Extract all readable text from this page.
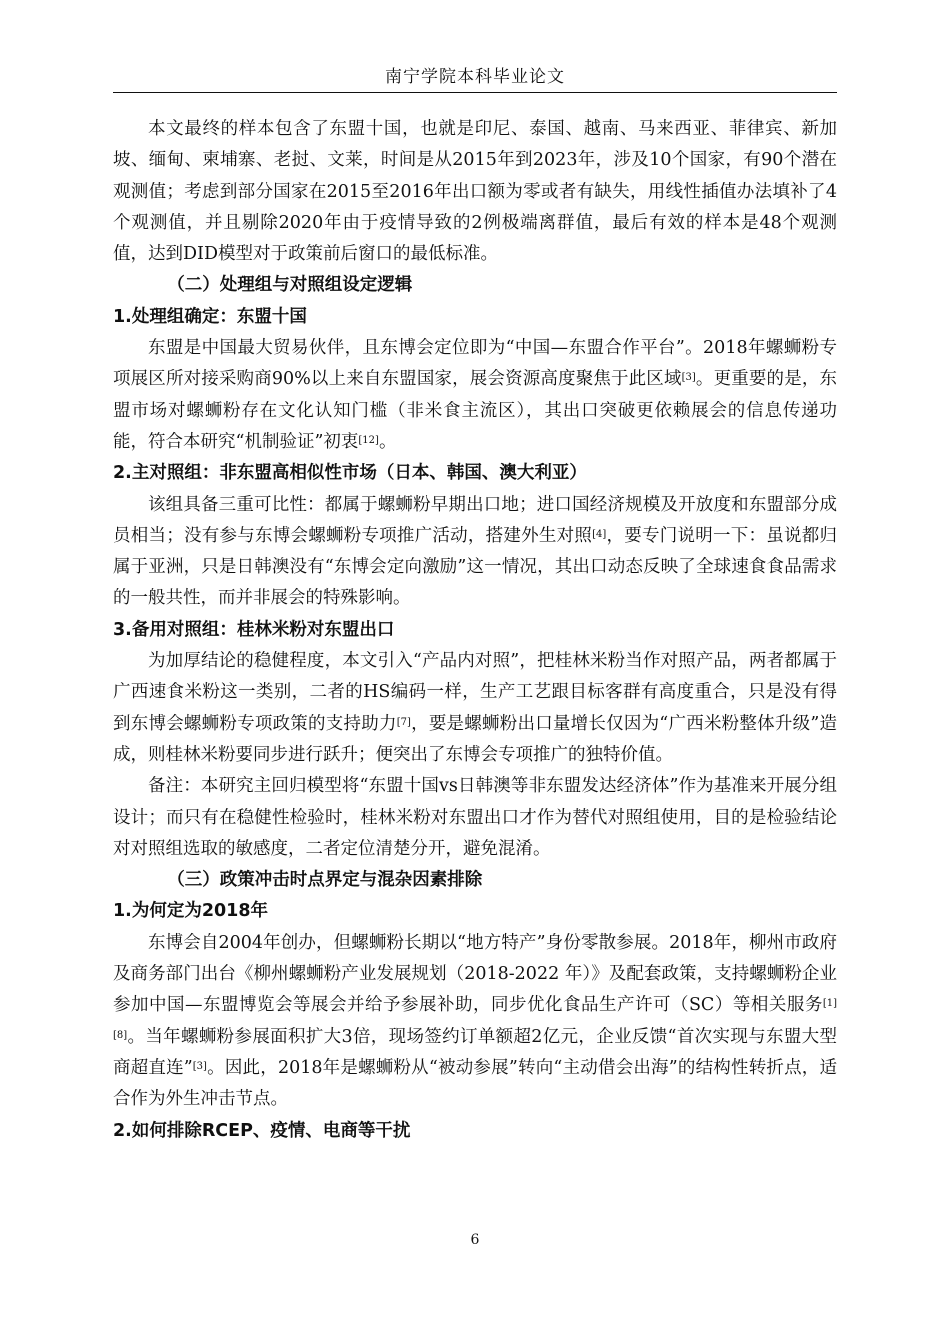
南宁学院本科毕业论文

本文最终的样本包含了东盟十国，也就是印尼、泰国、越南、马来西亚、菲律宾、新加坡、缅甸、柬埔寨、老挝、文莱，时间是从2015年到2023年，涉及10个国家，有90个潜在观测值；考虑到部分国家在2015至2016年出口额为零或者有缺失，用线性插值办法填补了4个观测值，并且剔除2020年由于疫情导致的2例极端离群值，最后有效的样本是48个观测值，达到DID模型对于政策前后窗口的最低标准。

（二）处理组与对照组设定逻辑

1.处理组确定：东盟十国

东盟是中国最大贸易伙伴，且东博会定位即为“中国—东盟合作平台”。2018年螺蛳粉专项展区所对接采购商90%以上来自东盟国家，展会资源高度聚焦于此区域[3]。更重要的是，东盟市场对螺蛳粉存在文化认知门槛（非米食主流区），其出口突破更依赖展会的信息传递功能，符合本研究“机制验证”初衷[12]。

2.主对照组：非东盟高相似性市场（日本、韩国、澳大利亚）

该组具备三重可比性：都属于螺蛳粉早期出口地；进口国经济规模及开放度和东盟部分成员相当；没有参与东博会螺蛳粉专项推广活动，搭建外生对照[4]，要专门说明一下：虽说都归属于亚洲，只是日韩澳没有“东博会定向激励”这一情况，其出口动态反映了全球速食食品需求的一般共性，而并非展会的特殊影响。

3.备用对照组：桂林米粉对东盟出口

为加厚结论的稳健程度，本文引入“产品内对照”，把桂林米粉当作对照产品，两者都属于广西速食米粉这一类别，二者的HS编码一样，生产工艺跟目标客群有高度重合，只是没有得到东博会螺蛳粉专项政策的支持助力[7]，要是螺蛳粉出口量增长仅因为“广西米粉整体升级”造成，则桂林米粉要同步进行跃升；便突出了东博会专项推广的独特价值。

备注：本研究主回归模型将“东盟十国vs日韩澳等非东盟发达经济体”作为基准来开展分组设计；而只有在稳健性检验时，桂林米粉对东盟出口才作为替代对照组使用，目的是检验结论对对照组选取的敏感度，二者定位清楚分开，避免混淆。

（三）政策冲击时点界定与混杂因素排除

1.为何定为2018年

东博会自2004年创办，但螺蛳粉长期以“地方特产”身份零散参展。2018年，柳州市政府及商务部门出台《柳州螺蛳粉产业发展规划（2018-2022 年）》及配套政策，支持螺蛳粉企业参加中国—东盟博览会等展会并给予参展补助，同步优化食品生产许可（SC）等相关服务[1][8]。当年螺蛳粉参展面积扩大3倍，现场签约订单额超2亿元，企业反馈“首次实现与东盟大型商超直连”[3]。因此，2018年是螺蛳粉从“被动参展”转向“主动借会出海”的结构性转折点，适合作为外生冲击节点。

2.如何排除RCEP、疫情、电商等干扰

6
